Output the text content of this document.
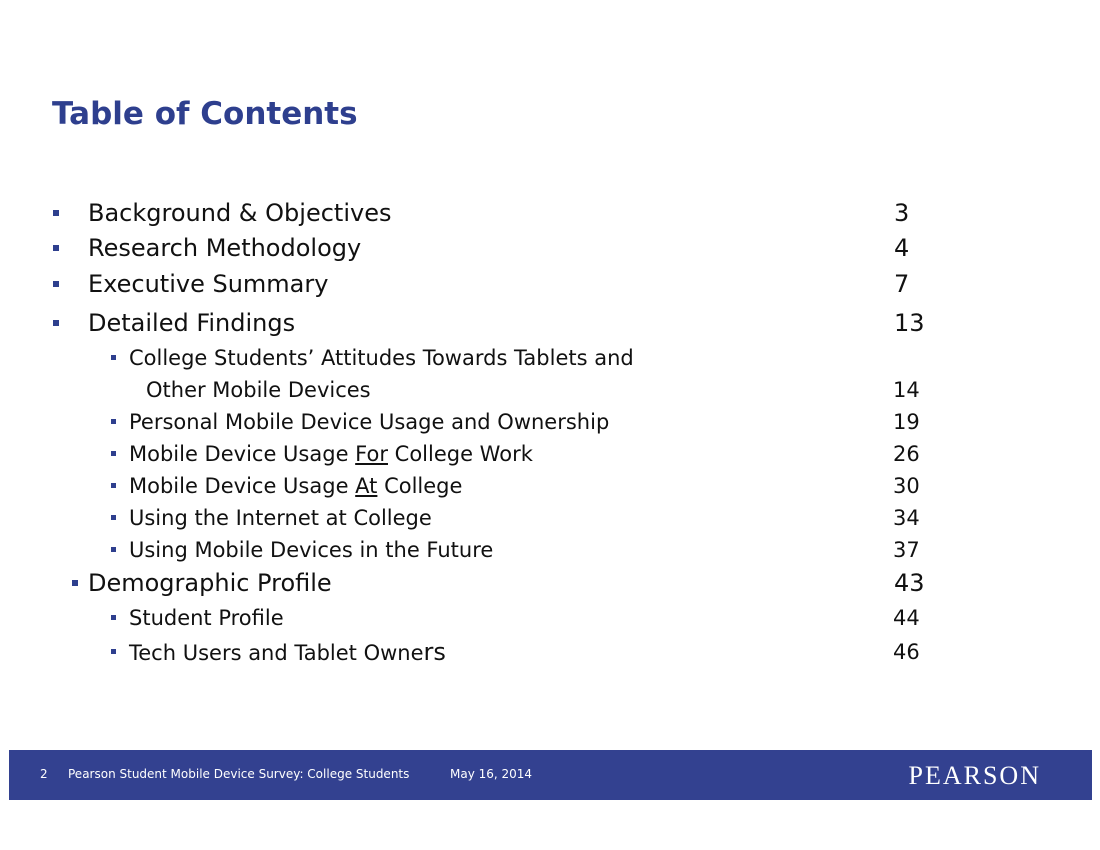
Table of Contents
Background & Objectives	3
Research Methodology	4
Executive Summary	7
Detailed Findings	13
College Students’ Attitudes Towards Tablets and
Other Mobile Devices	14
Personal Mobile Device Usage and Ownership	19
Mobile Device Usage For College Work	26
Mobile Device Usage At College	30
Using the Internet at College	34
Using Mobile Devices in the Future	37
Demographic Profile	43
Student Profile	44
Tech Users and Tablet Owners	46
2 Pearson Student Mobile Device Survey: College Students	May 16, 2014	PEARSON
